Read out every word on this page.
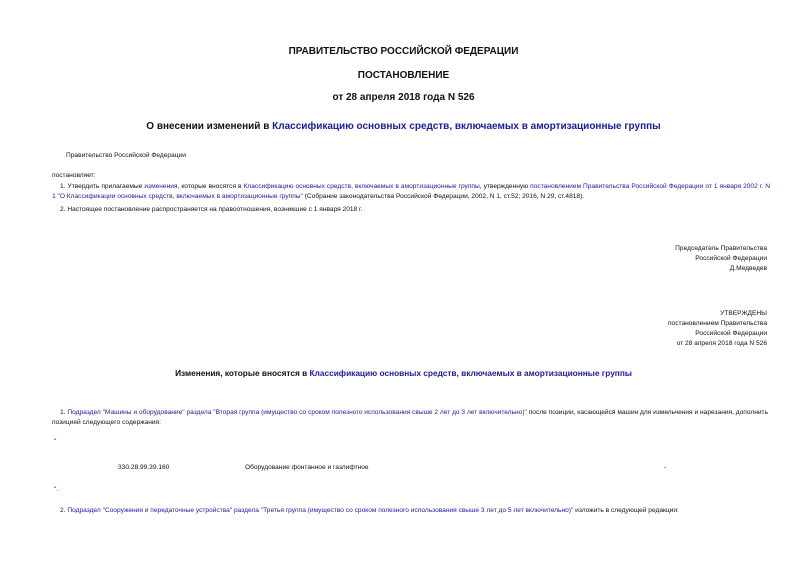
ПРАВИТЕЛЬСТВО РОССИЙСКОЙ ФЕДЕРАЦИИ
ПОСТАНОВЛЕНИЕ
от 28 апреля 2018 года N 526
О внесении изменений в Классификацию основных средств, включаемых в амортизационные группы
Правительство Российской Федерации
постановляет:
1. Утвердить прилагаемые изменения, которые вносятся в Классификацию основных средств, включаемых в амортизационные группы, утвержденную постановлением Правительства Российской Федерации от 1 января 2002 г. N 1 "О Классификации основных средств, включаемых в амортизационные группы" (Собрание законодательства Российской Федерации, 2002, N 1, ст.52; 2016, N 29, ст.4818).
2. Настоящее постановление распространяется на правоотношения, возникшие с 1 января 2018 г.
Председатель Правительства
Российской Федерации
Д.Медведев
УТВЕРЖДЕНЫ
постановлением Правительства
Российской Федерации
от 28 апреля 2018 года N 526
Изменения, которые вносятся в Классификацию основных средств, включаемых в амортизационные группы
1. Подраздел "Машины и оборудование" раздела "Вторая группа (имущество со сроком полезного использования свыше 2 лет до 3 лет включительно)" после позиции, касающейся машин для измельчения и нарезания, дополнить позицией следующего содержания:
"
330.28.99.39.160	Оборудование фонтанное и газлифтное	-
".
2. Подраздел "Сооружения и передаточные устройства" раздела "Третья группа (имущество со сроком полезного использования свыше 3 лет до 5 лет включительно)" изложить в следующей редакции:
